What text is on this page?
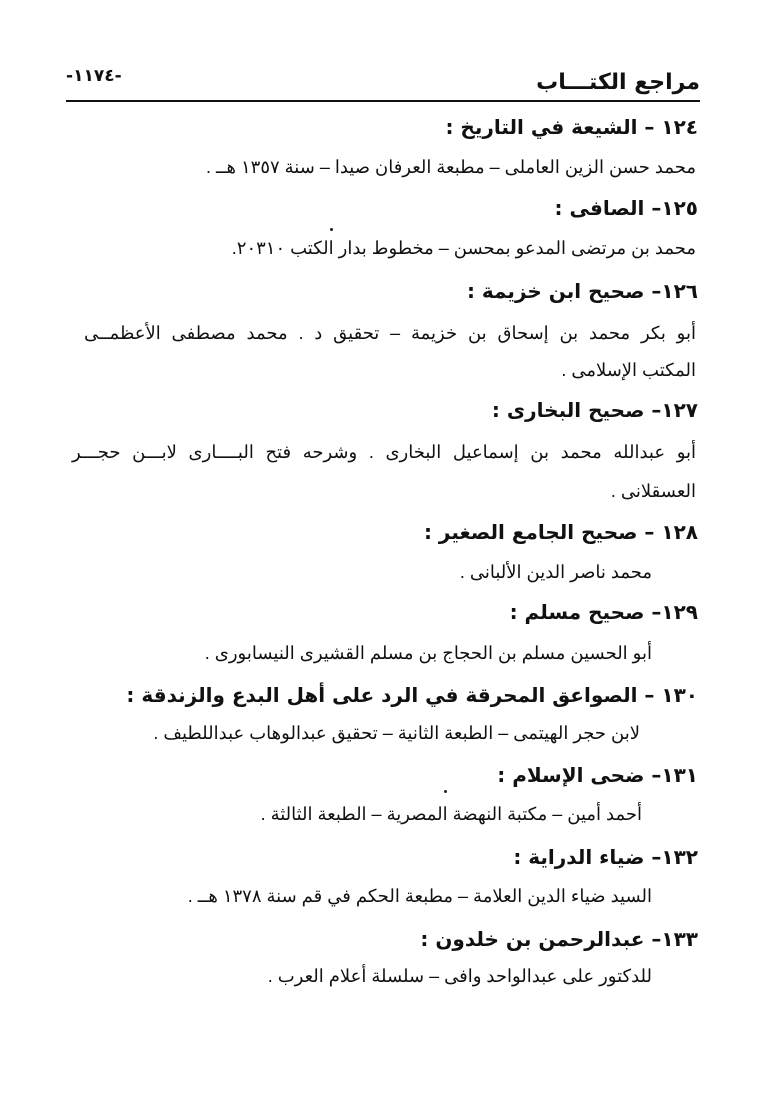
مراجع الكتـــاب
-١١٧٤-
١٢٤ – الشيعة في التاريخ :
محمد حسن الزين العاملى – مطبعة العرفان صيدا – سنة ١٣٥٧ هــ .
١٢٥– الصافى :
محمد بن مرتضى المدعو بمحسن – مخطوط بدار الكتب ٢٠٣١٠.
١٢٦– صحيح ابن خزيمة :
أبو بكر محمد بن إسحاق بن خزيمة – تحقيق د . محمد مصطفى الأعظمــى
المكتب الإسلامى .
١٢٧– صحيح البخارى :
أبو عبدالله محمد بن إسماعيل البخارى . وشرحه فتح البــــارى لابـــن حجـــر
العسقلانى .
١٢٨ – صحيح الجامع الصغير :
محمد ناصر الدين الألبانى .
١٢٩– صحيح مسلم :
أبو الحسين مسلم بن الحجاج بن مسلم القشيرى النيسابورى .
١٣٠ – الصواعق المحرقة في الرد على أهل البدع والزندقة :
لابن حجر الهيتمى – الطبعة الثانية – تحقيق عبدالوهاب عبداللطيف .
١٣١– ضحى الإسلام :
أحمد أمين – مكتبة النهضة المصرية – الطبعة الثالثة .
١٣٢– ضياء الدراية :
السيد ضياء الدين العلامة – مطبعة الحكم في قم سنة ١٣٧٨ هــ .
١٣٣– عبدالرحمن بن خلدون :
للدكتور على عبدالواحد وافى – سلسلة أعلام العرب .
